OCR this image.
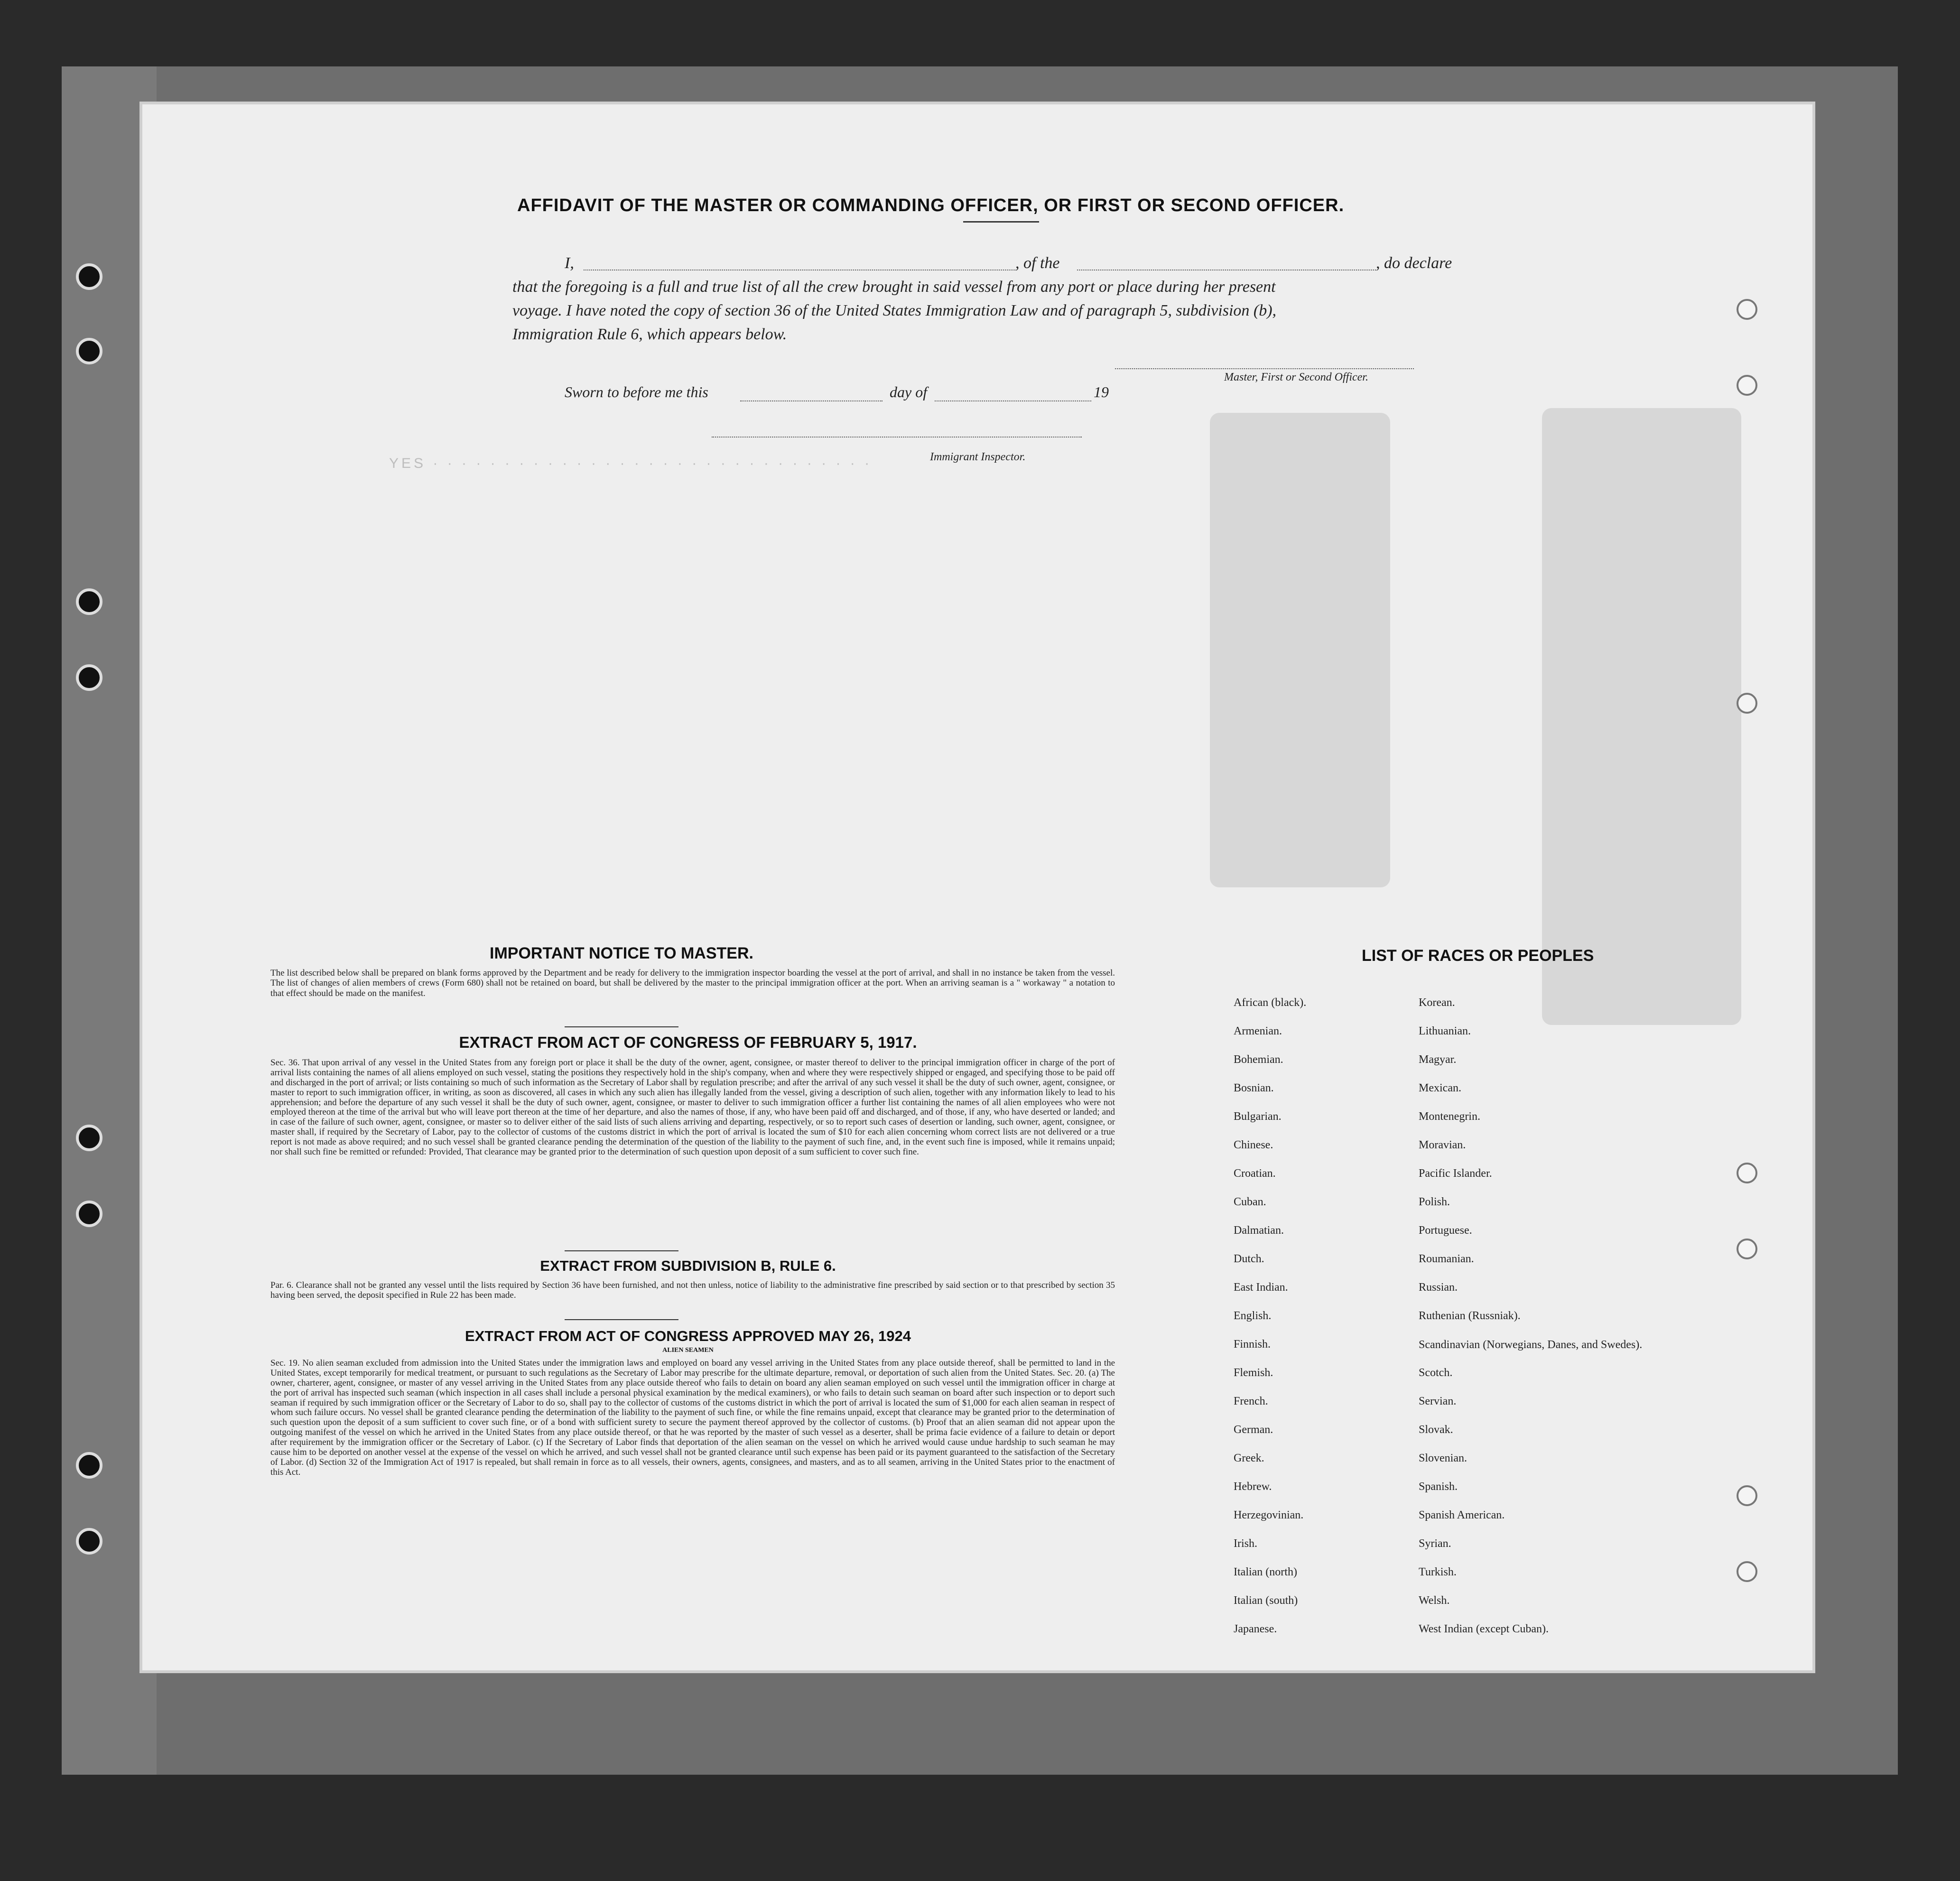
YES · · · · · · · · · · · · · · · · · · · · · · · · · · · · · · ·
AFFIDAVIT OF THE MASTER OR COMMANDING OFFICER, OR FIRST OR SECOND OFFICER.
I,	, of the	, do declare
that the foregoing is a full and true list of all the crew brought in said vessel from any port or place during her present
voyage. I have noted the copy of section 36 of the United States Immigration Law and of paragraph 5, subdivision (b),
Immigration Rule 6, which appears below.
Master, First or Second Officer.
Sworn to before me this	day of	19
Immigrant Inspector.
IMPORTANT NOTICE TO MASTER.
The list described below shall be prepared on blank forms approved by the Department and be ready for delivery to the immigration inspector boarding the vessel at the port of arrival, and shall in no instance be taken from the vessel. The list of changes of alien members of crews (Form 680) shall not be retained on board, but shall be delivered by the master to the principal immigration officer at the port. When an arriving seaman is a " workaway " a notation to that effect should be made on the manifest.
EXTRACT FROM ACT OF CONGRESS OF FEBRUARY 5, 1917.
Sec. 36. That upon arrival of any vessel in the United States from any foreign port or place it shall be the duty of the owner, agent, consignee, or master thereof to deliver to the principal immigration officer in charge of the port of arrival lists containing the names of all aliens employed on such vessel, stating the positions they respectively hold in the ship's company, when and where they were respectively shipped or engaged, and specifying those to be paid off and discharged in the port of arrival; or lists containing so much of such information as the Secretary of Labor shall by regulation prescribe; and after the arrival of any such vessel it shall be the duty of such owner, agent, consignee, or master to report to such immigration officer, in writing, as soon as discovered, all cases in which any such alien has illegally landed from the vessel, giving a description of such alien, together with any information likely to lead to his apprehension; and before the departure of any such vessel it shall be the duty of such owner, agent, consignee, or master to deliver to such immigration officer a further list containing the names of all alien employees who were not employed thereon at the time of the arrival but who will leave port thereon at the time of her departure, and also the names of those, if any, who have been paid off and discharged, and of those, if any, who have deserted or landed; and in case of the failure of such owner, agent, consignee, or master so to deliver either of the said lists of such aliens arriving and departing, respectively, or so to report such cases of desertion or landing, such owner, agent, consignee, or master shall, if required by the Secretary of Labor, pay to the collector of customs of the customs district in which the port of arrival is located the sum of $10 for each alien concerning whom correct lists are not delivered or a true report is not made as above required; and no such vessel shall be granted clearance pending the determination of the question of the liability to the payment of such fine, and, in the event such fine is imposed, while it remains unpaid; nor shall such fine be remitted or refunded: Provided, That clearance may be granted prior to the determination of such question upon deposit of a sum sufficient to cover such fine.
EXTRACT FROM SUBDIVISION B, RULE 6.
Par. 6. Clearance shall not be granted any vessel until the lists required by Section 36 have been furnished, and not then unless, notice of liability to the administrative fine prescribed by said section or to that prescribed by section 35 having been served, the deposit specified in Rule 22 has been made.
EXTRACT FROM ACT OF CONGRESS APPROVED MAY 26, 1924
ALIEN SEAMEN
Sec. 19. No alien seaman excluded from admission into the United States under the immigration laws and employed on board any vessel arriving in the United States from any place outside thereof, shall be permitted to land in the United States, except temporarily for medical treatment, or pursuant to such regulations as the Secretary of Labor may prescribe for the ultimate departure, removal, or deportation of such alien from the United States. Sec. 20. (a) The owner, charterer, agent, consignee, or master of any vessel arriving in the United States from any place outside thereof who fails to detain on board any alien seaman employed on such vessel until the immigration officer in charge at the port of arrival has inspected such seaman (which inspection in all cases shall include a personal physical examination by the medical examiners), or who fails to detain such seaman on board after such inspection or to deport such seaman if required by such immigration officer or the Secretary of Labor to do so, shall pay to the collector of customs of the customs district in which the port of arrival is located the sum of $1,000 for each alien seaman in respect of whom such failure occurs. No vessel shall be granted clearance pending the determination of the liability to the payment of such fine, or while the fine remains unpaid, except that clearance may be granted prior to the determination of such question upon the deposit of a sum sufficient to cover such fine, or of a bond with sufficient surety to secure the payment thereof approved by the collector of customs. (b) Proof that an alien seaman did not appear upon the outgoing manifest of the vessel on which he arrived in the United States from any place outside thereof, or that he was reported by the master of such vessel as a deserter, shall be prima facie evidence of a failure to detain or deport after requirement by the immigration officer or the Secretary of Labor. (c) If the Secretary of Labor finds that deportation of the alien seaman on the vessel on which he arrived would cause undue hardship to such seaman he may cause him to be deported on another vessel at the expense of the vessel on which he arrived, and such vessel shall not be granted clearance until such expense has been paid or its payment guaranteed to the satisfaction of the Secretary of Labor. (d) Section 32 of the Immigration Act of 1917 is repealed, but shall remain in force as to all vessels, their owners, agents, consignees, and masters, and as to all seamen, arriving in the United States prior to the enactment of this Act.
LIST OF RACES OR PEOPLES
African (black).	Korean.
Armenian.	Lithuanian.
Bohemian.	Magyar.
Bosnian.	Mexican.
Bulgarian.	Montenegrin.
Chinese.	Moravian.
Croatian.	Pacific Islander.
Cuban.	Polish.
Dalmatian.	Portuguese.
Dutch.	Roumanian.
East Indian.	Russian.
English.	Ruthenian (Russniak).
Finnish.	Scandinavian (Norwegians, Danes, and Swedes).
Flemish.	Scotch.
French.	Servian.
German.	Slovak.
Greek.	Slovenian.
Hebrew.	Spanish.
Herzegovinian.	Spanish American.
Irish.	Syrian.
Italian (north)	Turkish.
Italian (south)	Welsh.
Japanese.	West Indian (except Cuban).
